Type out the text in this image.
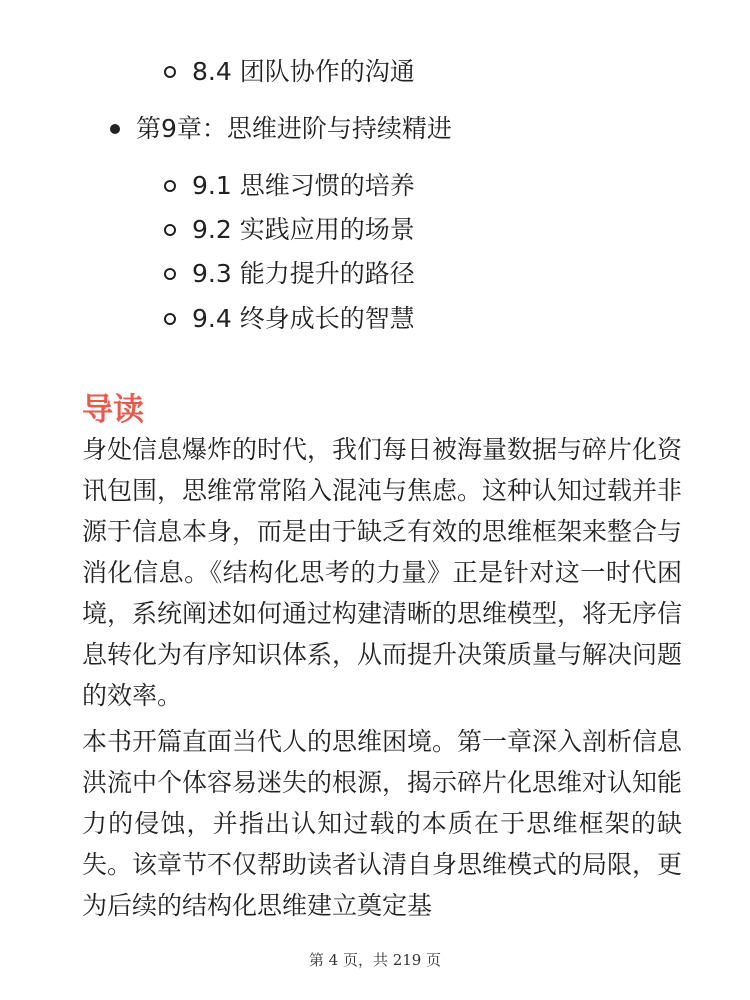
8.4 团队协作的沟通
第9章：思维进阶与持续精进
9.1 思维习惯的培养
9.2 实践应用的场景
9.3 能力提升的路径
9.4 终身成长的智慧
导读

身处信息爆炸的时代，我们每日被海量数据与碎片化资讯包围，思维常常陷入混沌与焦虑。这种认知过载并非源于信息本身，而是由于缺乏有效的思维框架来整合与消化信息。《结构化思考的力量》正是针对这一时代困境，系统阐述如何通过构建清晰的思维模型，将无序信息转化为有序知识体系，从而提升决策质量与解决问题的效率。

本书开篇直面当代人的思维困境。第一章深入剖析信息洪流中个体容易迷失的根源，揭示碎片化思维对认知能力的侵蚀，并指出认知过载的本质在于思维框架的缺失。该章节不仅帮助读者认清自身思维模式的局限，更为后续的结构化思维建立奠定基

第 4 页，共 219 页
